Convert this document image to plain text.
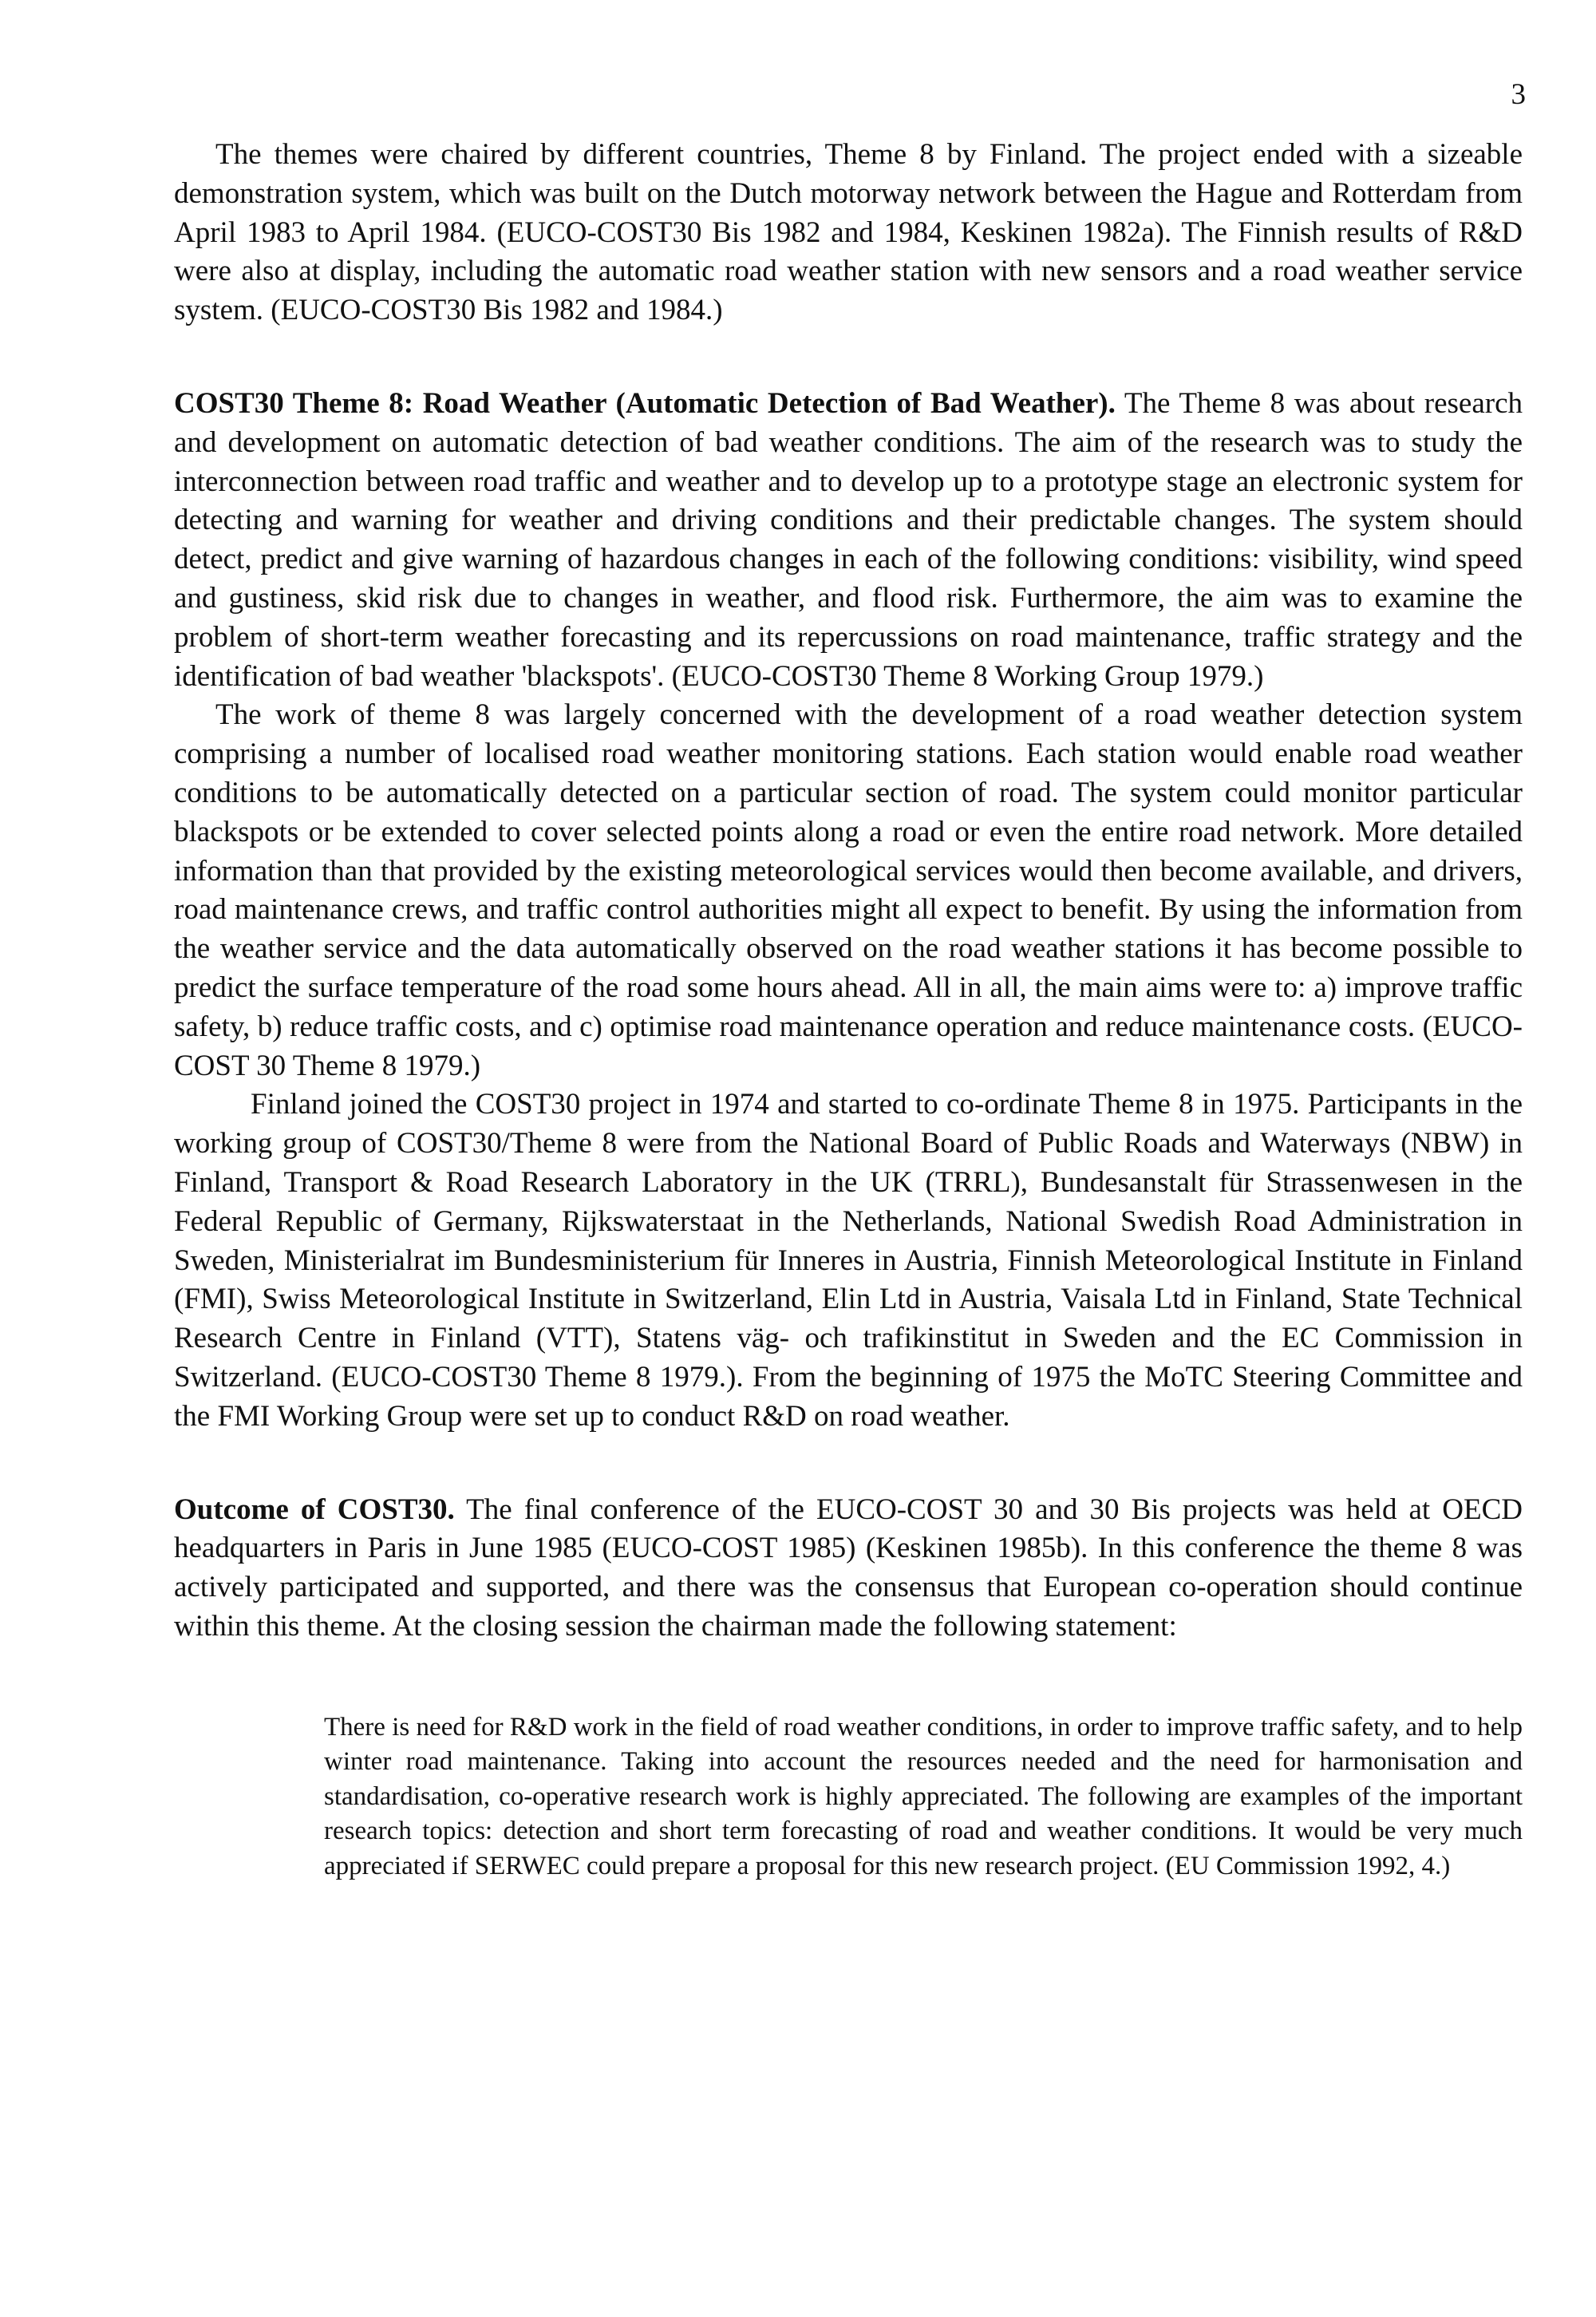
3

The themes were chaired by different countries, Theme 8 by Finland. The project ended with a sizeable demonstration system, which was built on the Dutch motorway network between the Hague and Rotterdam from April 1983 to April 1984. (EUCO-COST30 Bis 1982 and 1984, Keskinen 1982a). The Finnish results of R&D were also at display, including the automatic road weather station with new sensors and a road weather service system. (EUCO-COST30 Bis 1982 and 1984.)

COST30 Theme 8: Road Weather (Automatic Detection of Bad Weather). The Theme 8 was about research and development on automatic detection of bad weather conditions. The aim of the research was to study the interconnection between road traffic and weather and to develop up to a prototype stage an electronic system for detecting and warning for weather and driving conditions and their predictable changes. The system should detect, predict and give warning of hazardous changes in each of the following conditions: visibility, wind speed and gustiness, skid risk due to changes in weather, and flood risk. Furthermore, the aim was to examine the problem of short-term weather forecasting and its repercussions on road maintenance, traffic strategy and the identification of bad weather 'blackspots'. (EUCO-COST30 Theme 8 Working Group 1979.)

The work of theme 8 was largely concerned with the development of a road weather detection system comprising a number of localised road weather monitoring stations. Each station would enable road weather conditions to be automatically detected on a particular section of road. The system could monitor particular blackspots or be extended to cover selected points along a road or even the entire road network. More detailed information than that provided by the existing meteorological services would then become available, and drivers, road maintenance crews, and traffic control authorities might all expect to benefit. By using the information from the weather service and the data automatically observed on the road weather stations it has become possible to predict the surface temperature of the road some hours ahead. All in all, the main aims were to: a) improve traffic safety, b) reduce traffic costs, and c) optimise road maintenance operation and reduce maintenance costs. (EUCO-COST 30 Theme 8 1979.)

Finland joined the COST30 project in 1974 and started to co-ordinate Theme 8 in 1975. Participants in the working group of COST30/Theme 8 were from the National Board of Public Roads and Waterways (NBW) in Finland, Transport & Road Research Laboratory in the UK (TRRL), Bundesanstalt für Strassenwesen in the Federal Republic of Germany, Rijkswaterstaat in the Netherlands, National Swedish Road Administration in Sweden, Ministerialrat im Bundesministerium für Inneres in Austria, Finnish Meteorological Institute in Finland (FMI), Swiss Meteorological Institute in Switzerland, Elin Ltd in Austria, Vaisala Ltd in Finland, State Technical Research Centre in Finland (VTT), Statens väg- och trafikinstitut in Sweden and the EC Commission in Switzerland. (EUCO-COST30 Theme 8 1979.). From the beginning of 1975 the MoTC Steering Committee and the FMI Working Group were set up to conduct R&D on road weather.

Outcome of COST30. The final conference of the EUCO-COST 30 and 30 Bis projects was held at OECD headquarters in Paris in June 1985 (EUCO-COST 1985) (Keskinen 1985b). In this conference the theme 8 was actively participated and supported, and there was the consensus that European co-operation should continue within this theme. At the closing session the chairman made the following statement:

There is need for R&D work in the field of road weather conditions, in order to improve traffic safety, and to help winter road maintenance. Taking into account the resources needed and the need for harmonisation and standardisation, co-operative research work is highly appreciated. The following are examples of the important research topics: detection and short term forecasting of road and weather conditions. It would be very much appreciated if SERWEC could prepare a proposal for this new research project. (EU Commission 1992, 4.)
